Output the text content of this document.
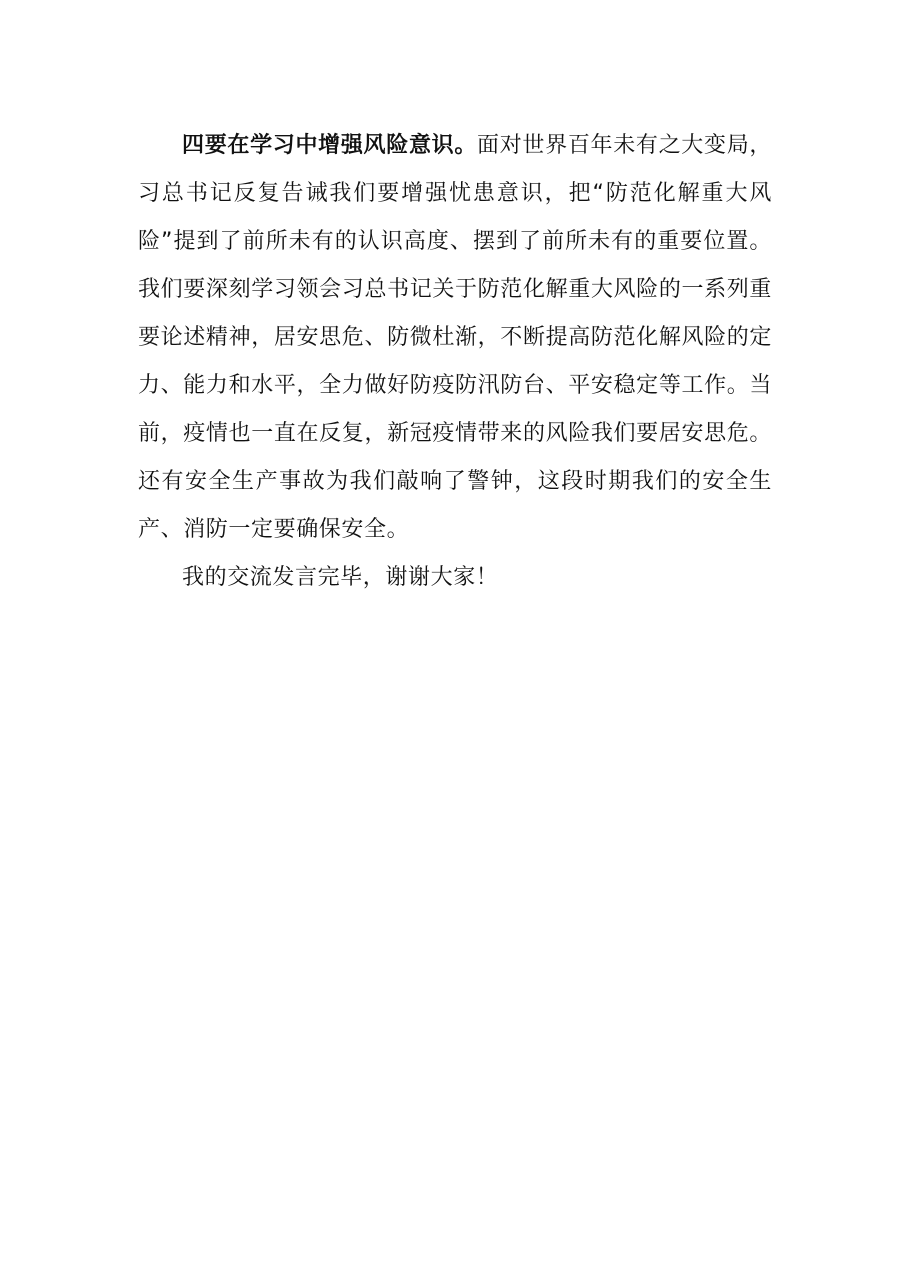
四要在学习中增强风险意识。面对世界百年未有之大变局，习总书记反复告诫我们要增强忧患意识，把“防范化解重大风险”提到了前所未有的认识高度、摆到了前所未有的重要位置。我们要深刻学习领会习总书记关于防范化解重大风险的一系列重要论述精神，居安思危、防微杜渐，不断提高防范化解风险的定力、能力和水平，全力做好防疫防汛防台、平安稳定等工作。当前，疫情也一直在反复，新冠疫情带来的风险我们要居安思危。还有安全生产事故为我们敲响了警钟，这段时期我们的安全生产、消防一定要确保安全。

我的交流发言完毕，谢谢大家！
